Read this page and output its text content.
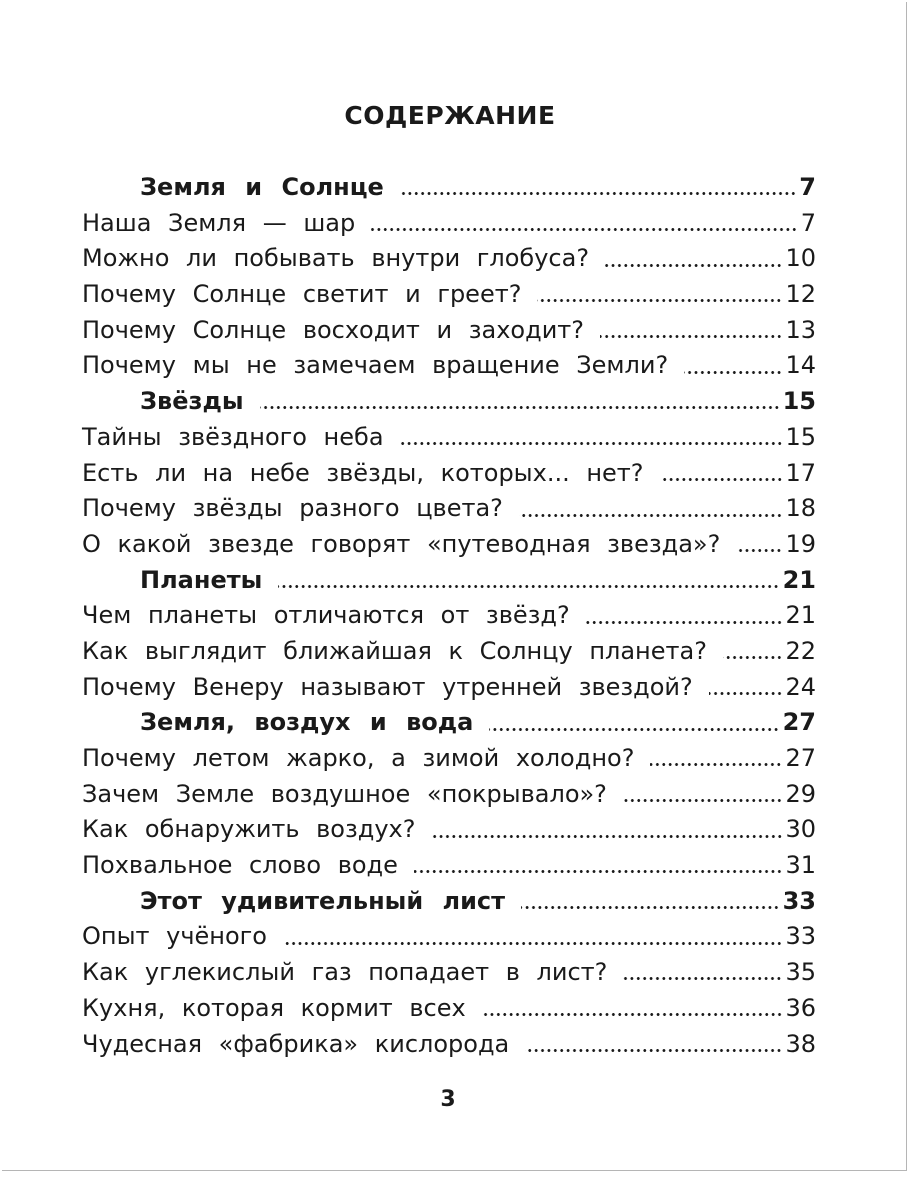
СОДЕРЖАНИЕ
Земля и Солнце	7
Наша Земля — шар	7
Можно ли побывать внутри глобуса?	10
Почему Солнце светит и греет?	12
Почему Солнце восходит и заходит?	13
Почему мы не замечаем вращение Земли?	14
Звёзды	15
Тайны звёздного неба	15
Есть ли на небе звёзды, которых... нет?	17
Почему звёзды разного цвета?	18
О какой звезде говорят «путеводная звезда»?	19
Планеты	21
Чем планеты отличаются от звёзд?	21
Как выглядит ближайшая к Солнцу планета?	22
Почему Венеру называют утренней звездой?	24
Земля, воздух и вода	27
Почему летом жарко, а зимой холодно?	27
Зачем Земле воздушное «покрывало»?	29
Как обнаружить воздух?	30
Похвальное слово воде	31
Этот удивительный лист	33
Опыт учёного	33
Как углекислый газ попадает в лист?	35
Кухня, которая кормит всех	36
Чудесная «фабрика» кислорода	38
3
